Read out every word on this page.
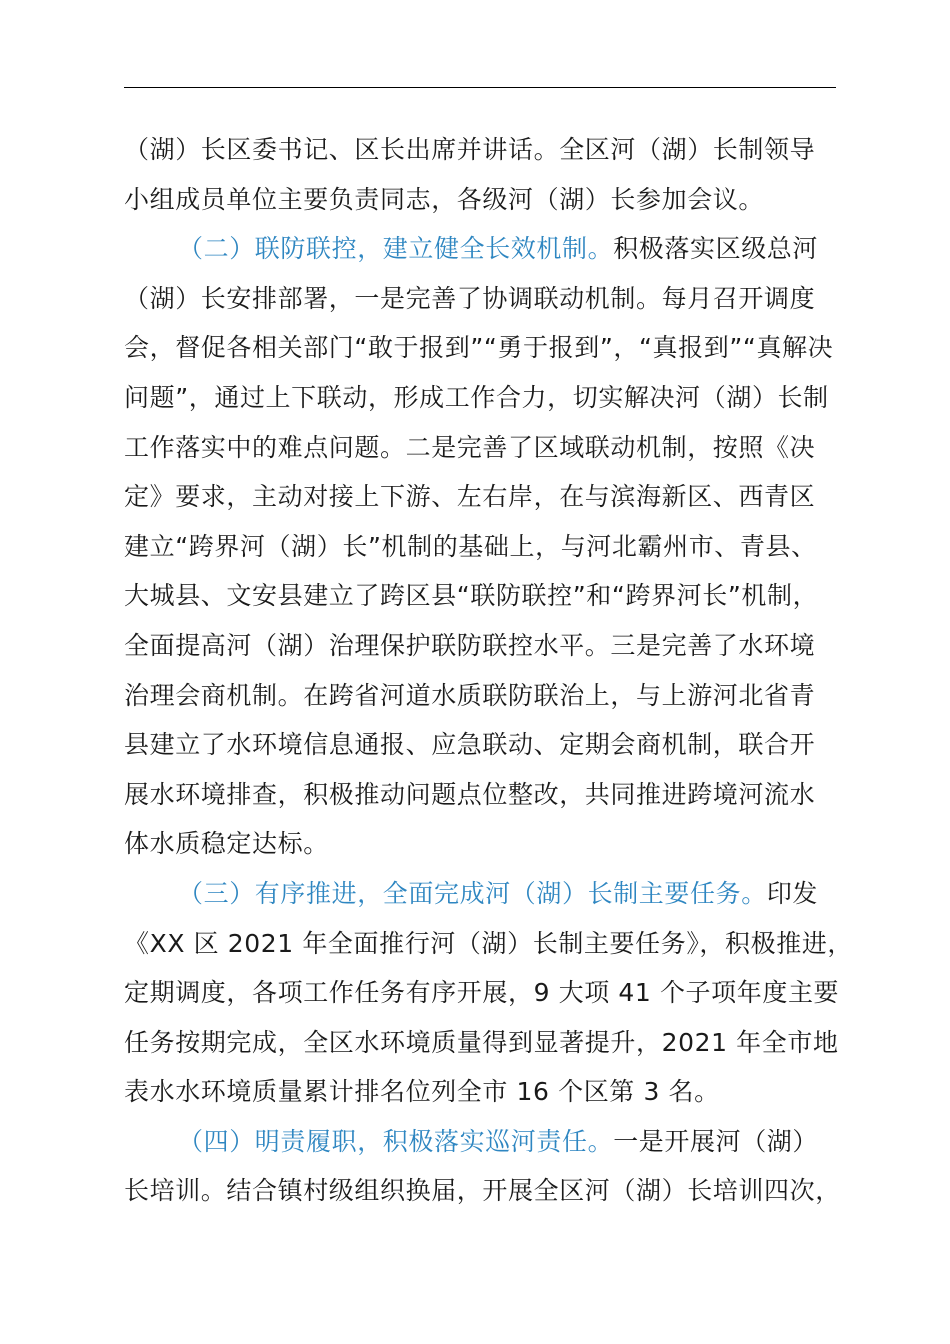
（湖）长区委书记、区长出席并讲话。全区河（湖）长制领导
小组成员单位主要负责同志，各级河（湖）长参加会议。
（二）联防联控，建立健全长效机制。积极落实区级总河
（湖）长安排部署，一是完善了协调联动机制。每月召开调度
会，督促各相关部门“敢于报到”“勇于报到”，“真报到”“真解决
问题”，通过上下联动，形成工作合力，切实解决河（湖）长制
工作落实中的难点问题。二是完善了区域联动机制，按照《决
定》要求，主动对接上下游、左右岸，在与滨海新区、西青区
建立“跨界河（湖）长”机制的基础上，与河北霸州市、青县、
大城县、文安县建立了跨区县“联防联控”和“跨界河长”机制，
全面提高河（湖）治理保护联防联控水平。三是完善了水环境
治理会商机制。在跨省河道水质联防联治上，与上游河北省青
县建立了水环境信息通报、应急联动、定期会商机制，联合开
展水环境排查，积极推动问题点位整改，共同推进跨境河流水
体水质稳定达标。
（三）有序推进，全面完成河（湖）长制主要任务。印发
《XX 区 2021 年全面推行河（湖）长制主要任务》，积极推进，
定期调度，各项工作任务有序开展，9 大项 41 个子项年度主要
任务按期完成，全区水环境质量得到显著提升，2021 年全市地
表水水环境质量累计排名位列全市 16 个区第 3 名。
（四）明责履职，积极落实巡河责任。一是开展河（湖）
长培训。结合镇村级组织换届，开展全区河（湖）长培训四次，
